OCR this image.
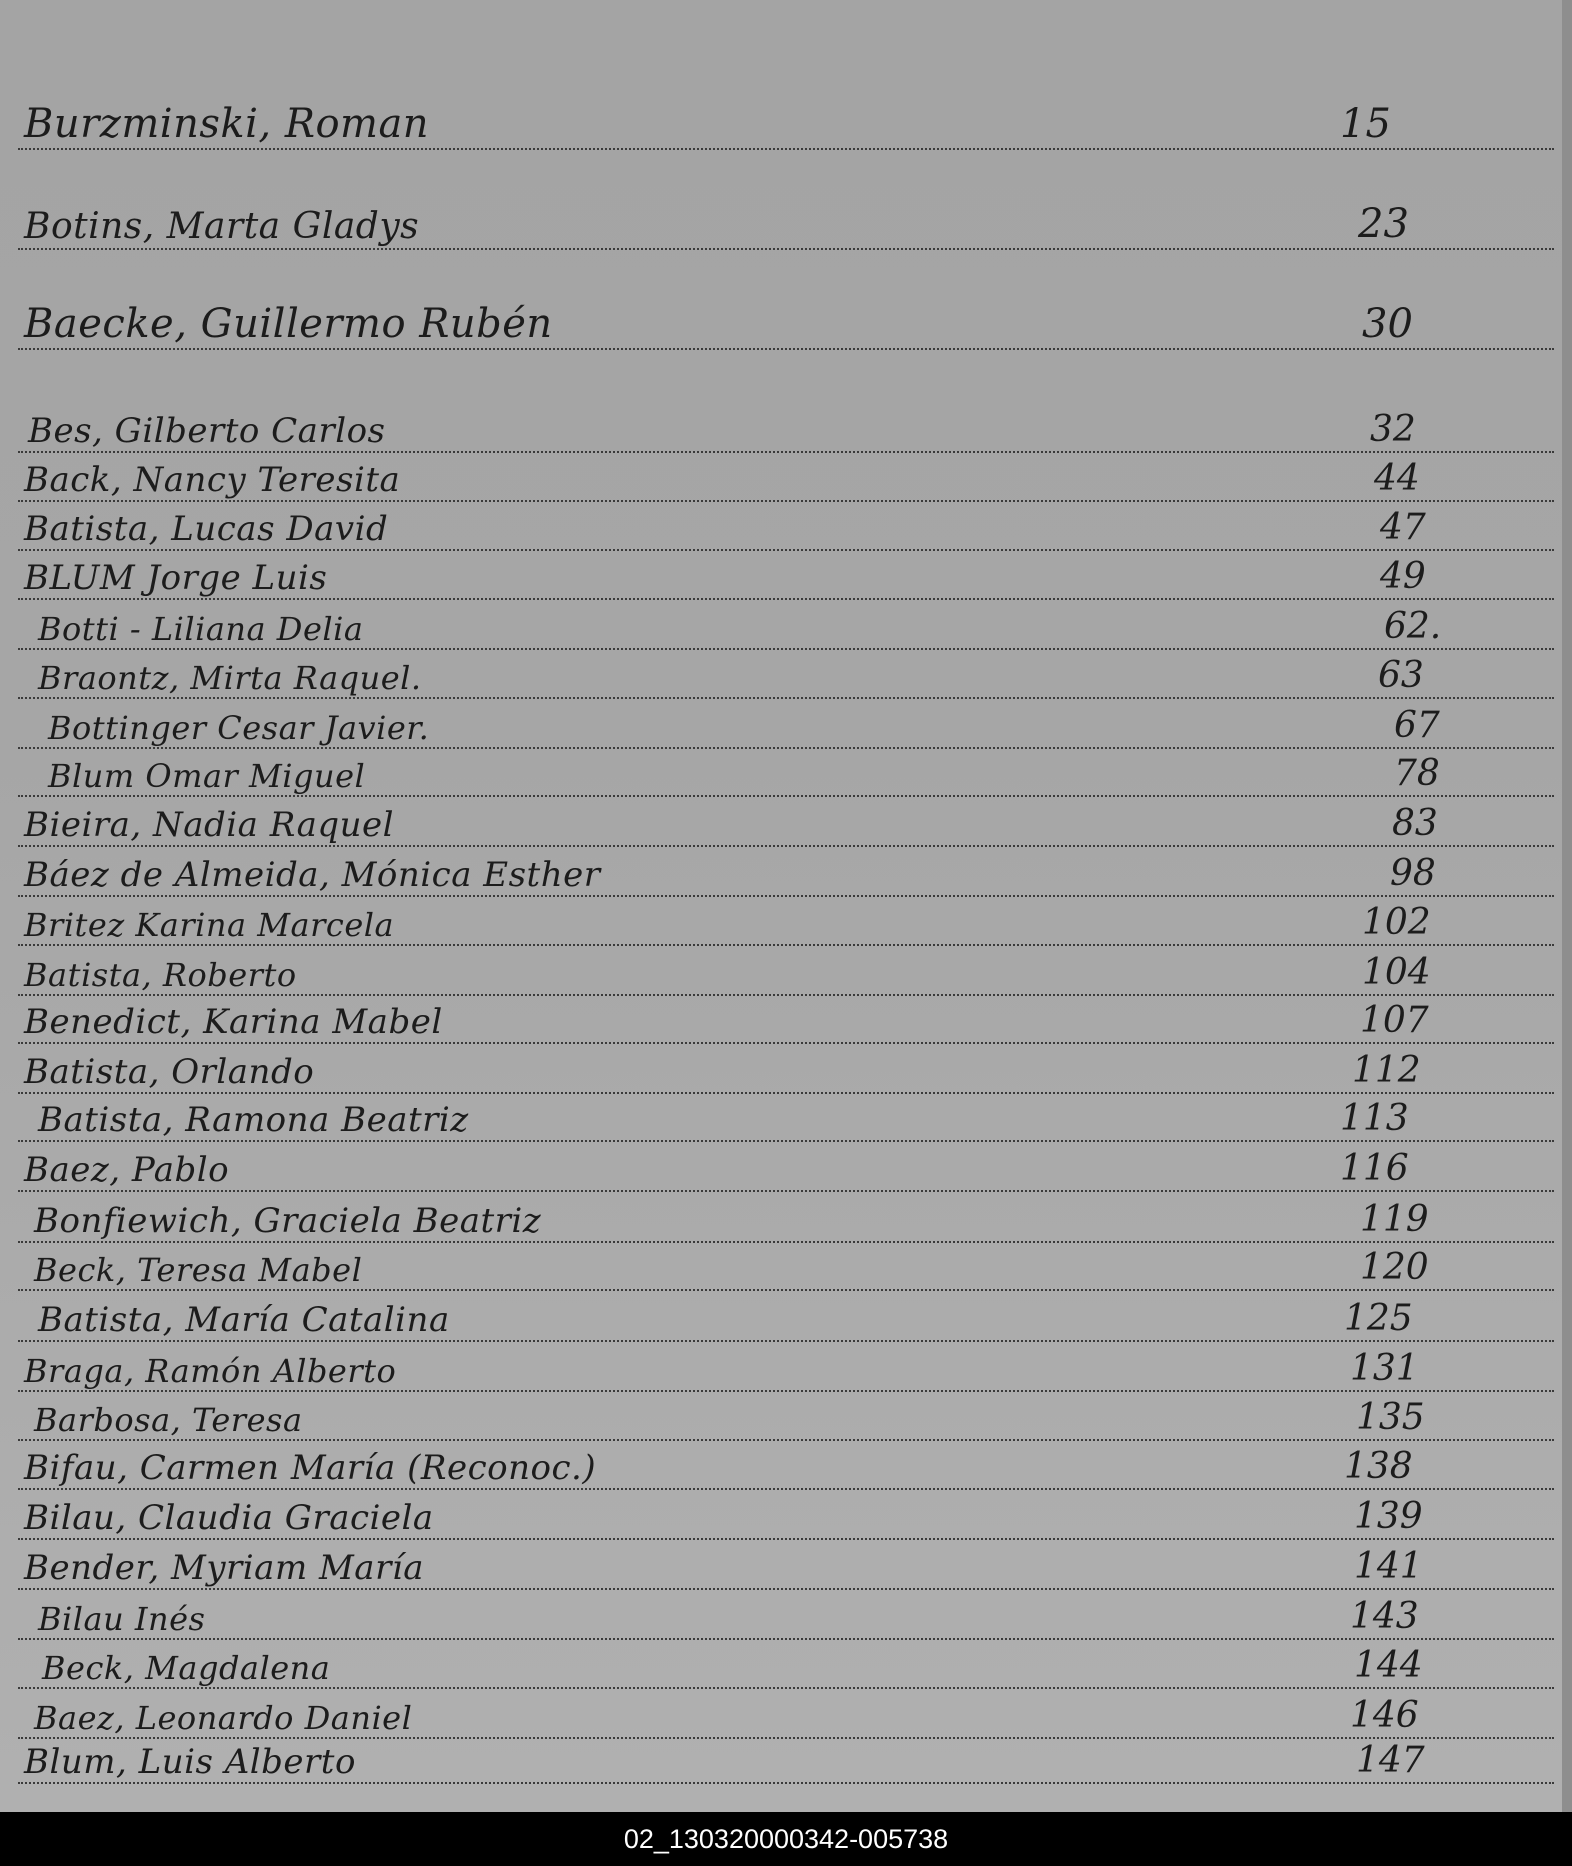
Burzminski, Roman	15
Botins, Marta Gladys	23
Baecke, Guillermo Rubén	30
Bes, Gilberto Carlos	32
Back, Nancy Teresita	44
Batista, Lucas David	47
BLUM Jorge Luis	49
Botti - Liliana Delia	62.
Braontz, Mirta Raquel.	63
Bottinger Cesar Javier.	67
Blum Omar Miguel	78
Bieira, Nadia Raquel	83
Báez de Almeida, Mónica Esther	98
Britez Karina Marcela	102
Batista, Roberto	104
Benedict, Karina Mabel	107
Batista, Orlando	112
Batista, Ramona Beatriz	113
Baez, Pablo	116
Bonfiewich, Graciela Beatriz	119
Beck, Teresa Mabel	120
Batista, María Catalina	125
Braga, Ramón Alberto	131
Barbosa, Teresa	135
Bifau, Carmen María (Reconoc.)	138
Bilau, Claudia Graciela	139
Bender, Myriam María	141
Bilau Inés	143
Beck, Magdalena	144
Baez, Leonardo Daniel	146
Blum, Luis Alberto	147
02_130320000342-005738
